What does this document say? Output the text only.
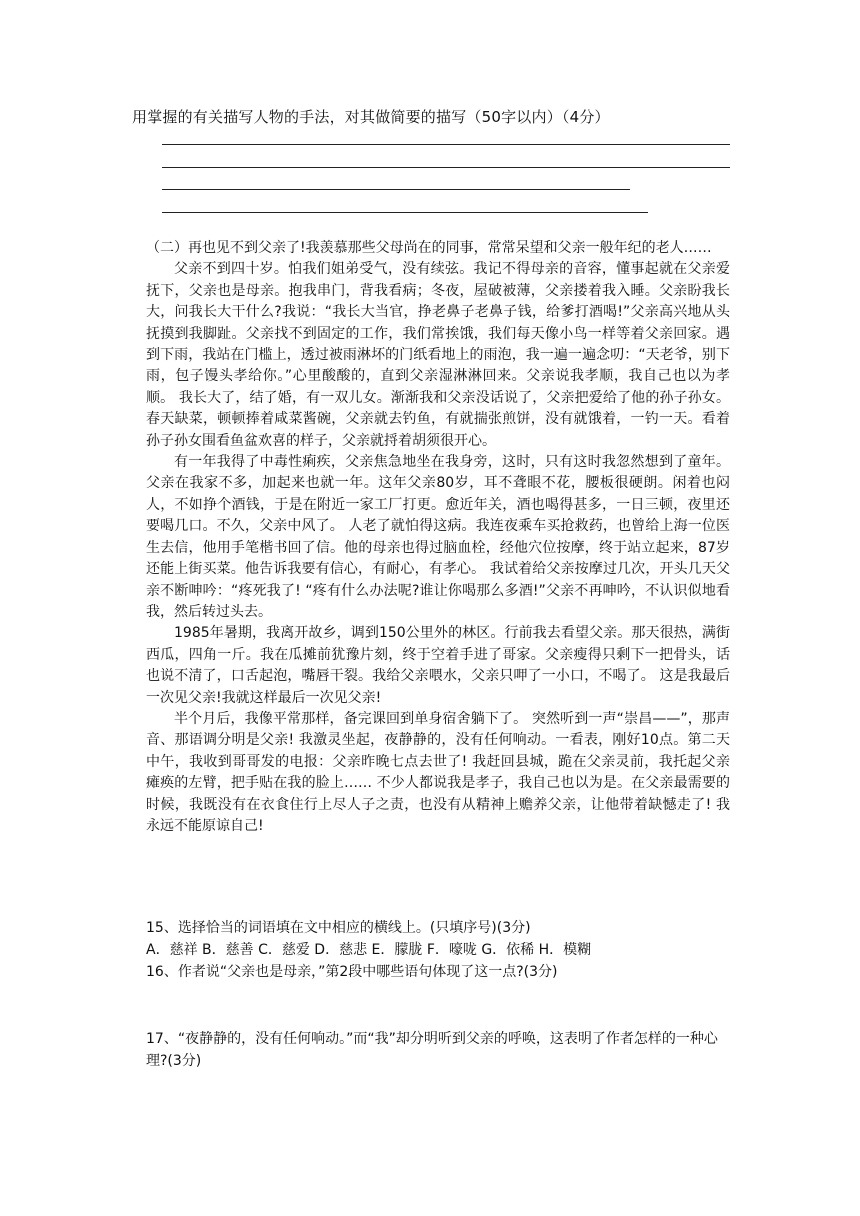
用掌握的有关描写人物的手法，对其做简要的描写（50字以内）（4分）

（二）再也见不到父亲了!我羡慕那些父母尚在的同事，常常呆望和父亲一般年纪的老人……

父亲不到四十岁。怕我们姐弟受气，没有续弦。我记不得母亲的音容，懂事起就在父亲爱抚下，父亲也是母亲。抱我串门，背我看病；冬夜，屋破被薄，父亲搂着我入睡。父亲盼我长大，问我长大干什么?我说：“我长大当官，挣老鼻子老鼻子钱，给爹打酒喝!”父亲高兴地从头抚摸到我脚趾。父亲找不到固定的工作，我们常挨饿，我们每天像小鸟一样等着父亲回家。遇到下雨，我站在门槛上，透过被雨淋坏的门纸看地上的雨泡，我一遍一遍念叨：“天老爷，别下雨，包子馒头孝给你。”心里酸酸的，直到父亲湿淋淋回来。父亲说我孝顺，我自己也以为孝顺。 我长大了，结了婚，有一双儿女。渐渐我和父亲没话说了，父亲把爱给了他的孙子孙女。春天缺菜，顿顿捧着咸菜酱碗，父亲就去钓鱼，有就揣张煎饼，没有就饿着，一钓一天。看着孙子孙女围看鱼盆欢喜的样子，父亲就捋着胡须很开心。

有一年我得了中毒性痢疾，父亲焦急地坐在我身旁，这时，只有这时我忽然想到了童年。 父亲在我家不多，加起来也就一年。这年父亲80岁，耳不聋眼不花，腰板很硬朗。闲着也闷人，不如挣个酒钱，于是在附近一家工厂打更。愈近年关，酒也喝得甚多，一日三顿，夜里还要喝几口。不久，父亲中风了。 人老了就怕得这病。我连夜乘车买抢救药，也曾给上海一位医生去信，他用手笔楷书回了信。他的母亲也得过脑血栓，经他穴位按摩，终于站立起来，87岁还能上街买菜。他告诉我要有信心，有耐心，有孝心。 我试着给父亲按摩过几次，开头几天父亲不断呻吟：“疼死我了! “疼有什么办法呢?谁让你喝那么多酒!”父亲不再呻吟，不认识似地看我，然后转过头去。

1985年暑期，我离开故乡，调到150公里外的林区。行前我去看望父亲。那天很热，满街西瓜，四角一斤。我在瓜摊前犹豫片刻，终于空着手进了哥家。父亲瘦得只剩下一把骨头，话也说不清了，口舌起泡，嘴唇干裂。我给父亲喂水，父亲只呷了一小口，不喝了。 这是我最后一次见父亲!我就这样最后一次见父亲!

半个月后，我像平常那样，备完课回到单身宿舍躺下了。 突然听到一声“崇昌——”，那声音、那语调分明是父亲! 我激灵坐起，夜静静的，没有任何响动。一看表，刚好10点。第二天中午，我收到哥哥发的电报：父亲昨晚七点去世了! 我赶回县城，跪在父亲灵前，我托起父亲瘫痪的左臂，把手贴在我的脸上…… 不少人都说我是孝子，我自己也以为是。在父亲最需要的时候，我既没有在衣食住行上尽人子之责，也没有从精神上赡养父亲，让他带着缺憾走了! 我永远不能原谅自己!

15、选择恰当的词语填在文中相应的横线上。(只填序号)(3分)
A．慈祥 B．慈善 C．慈爱 D．慈悲 E．朦胧 F．嚎咙 G．依稀 H．模糊
16、作者说“父亲也是母亲，”第2段中哪些语句体现了这一点?(3分)
17、“夜静静的，没有任何响动。”而“我”却分明听到父亲的呼唤，这表明了作者怎样的一种心理?(3分)
